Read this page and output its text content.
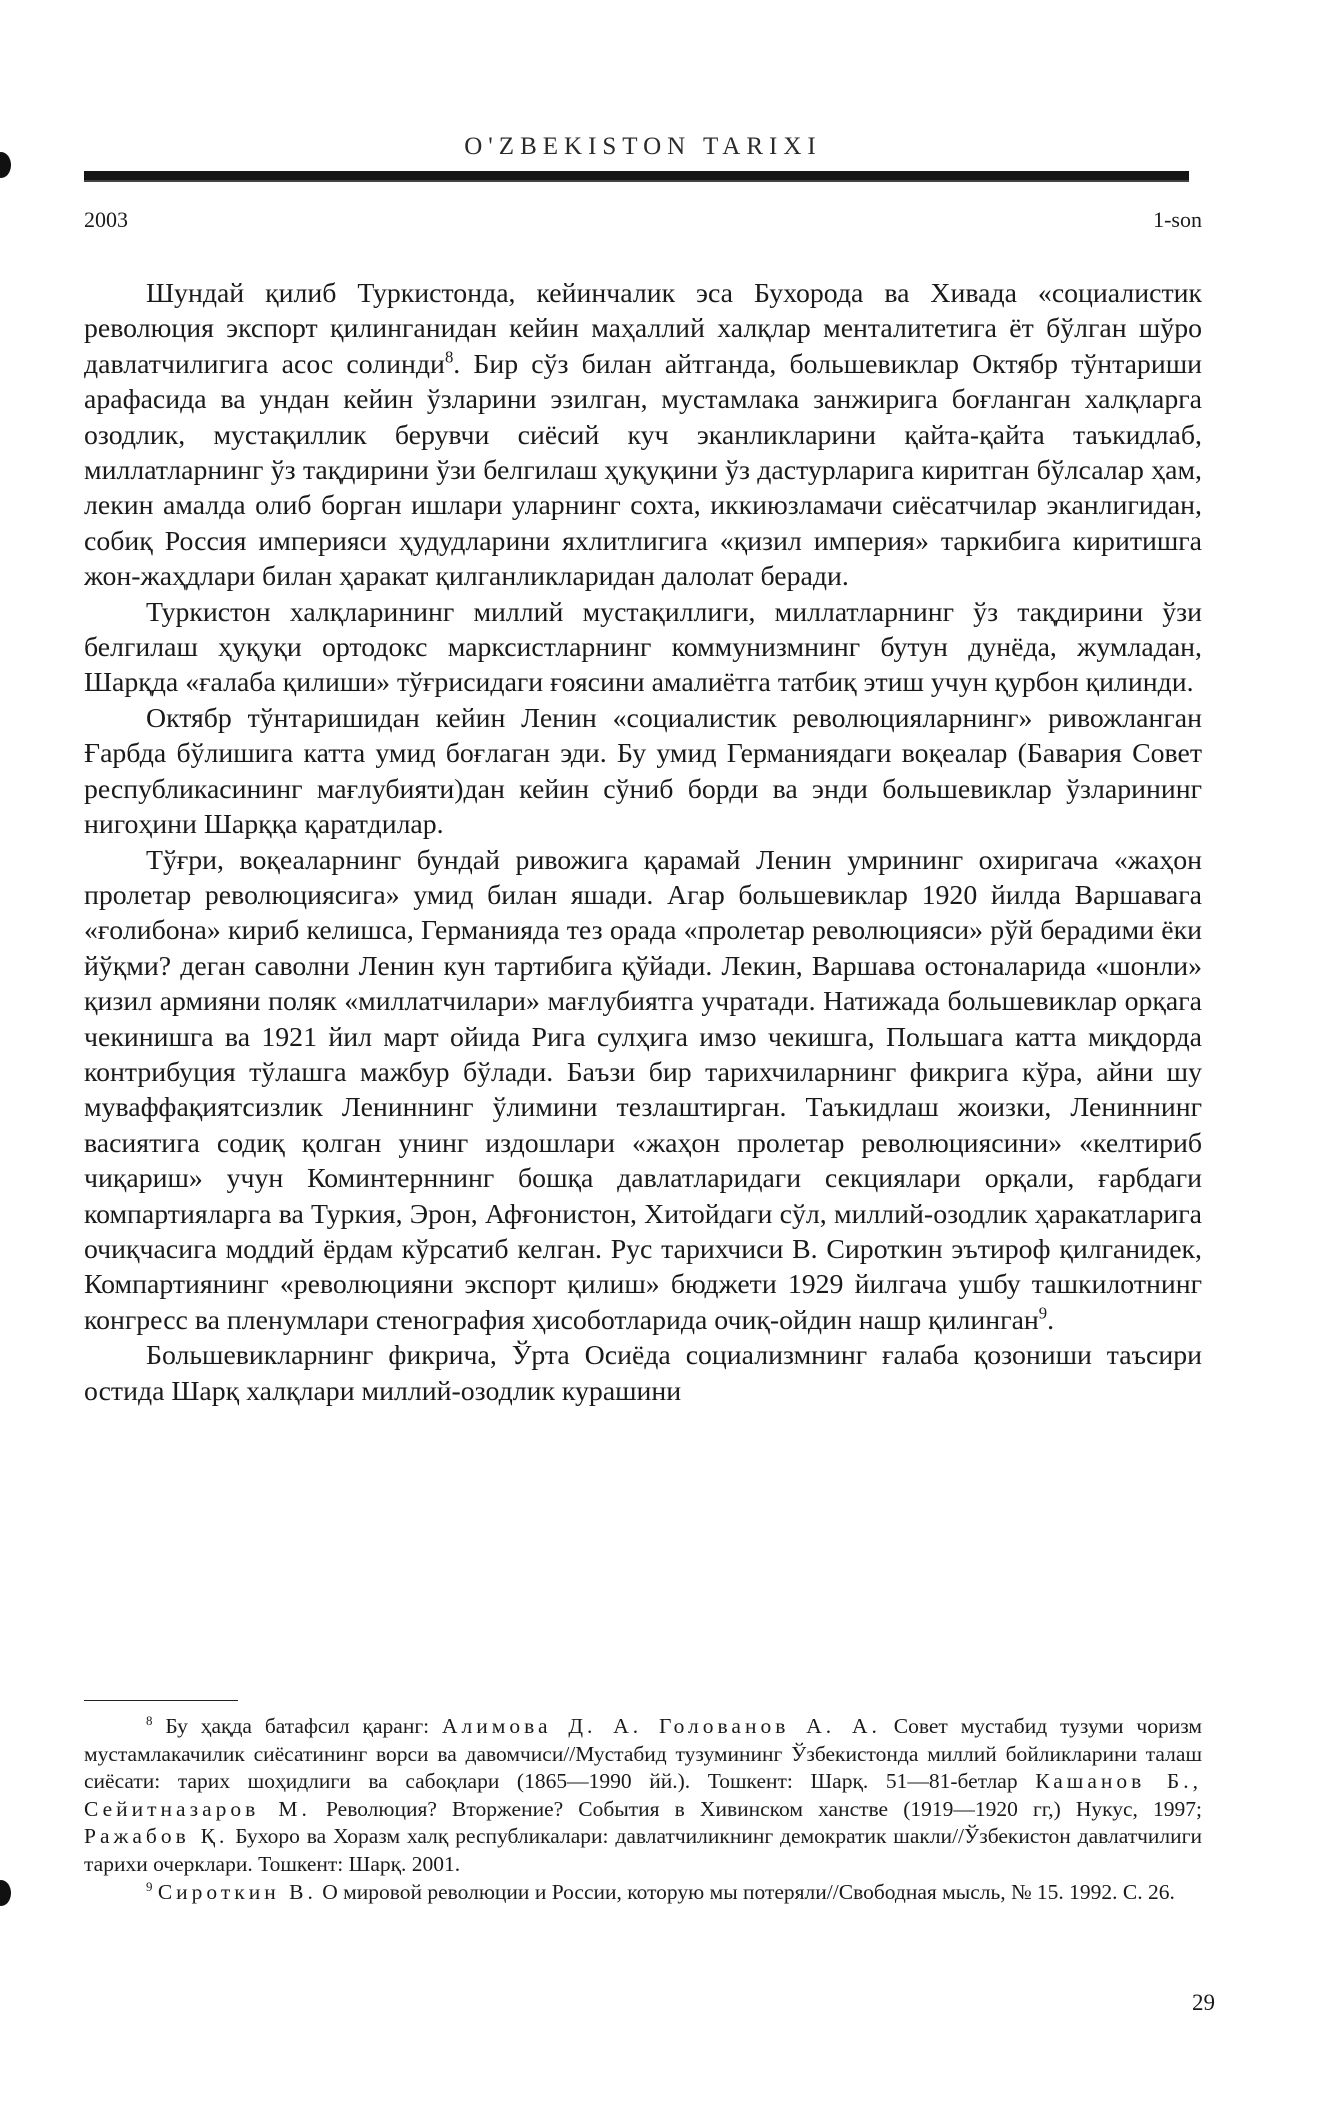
O'ZBEKISTON TARIXI
2003	1-son

Шундай қилиб Туркистонда, кейинчалик эса Бухорода ва Хивада «социалистик революция экспорт қилинганидан кейин маҳаллий халқлар менталитетига ёт бўлган шўро давлатчилигига асос солинди$^8$. Бир сўз билан айтганда, большевиклар Октябр тўнтариши арафасида ва ундан кейин ўзларини эзилган, мустамлака занжирига боғланган халқларга озодлик, мустақиллик берувчи сиёсий куч эканликларини қайта-қайта таъкидлаб, миллатларнинг ўз тақдирини ўзи белгилаш ҳуқуқини ўз дастурларига киритган бўлсалар ҳам, лекин амалда олиб борган ишлари уларнинг сохта, иккиюзламачи сиёсатчилар эканлигидан, собиқ Россия империяси ҳудудларини яхлитлигига «қизил империя» таркибига киритишга жон-жаҳдлари билан ҳаракат қилганликларидан далолат беради.

Туркистон халқларининг миллий мустақиллиги, миллатларнинг ўз тақдирини ўзи белгилаш ҳуқуқи ортодокс марксистларнинг коммунизмнинг бутун дунёда, жумладан, Шарқда «ғалаба қилиши» тўғрисидаги ғоясини амалиётга татбиқ этиш учун қурбон қилинди.

Октябр тўнтаришидан кейин Ленин «социалистик революцияларнинг» ривожланган Ғарбда бўлишига катта умид боғлаган эди. Бу умид Германиядаги воқеалар (Бавария Совет республикасининг мағлубияти)дан кейин сўниб борди ва энди большевиклар ўзларининг нигоҳини Шарққа қаратдилар.

Тўғри, воқеаларнинг бундай ривожига қарамай Ленин умрининг охиригача «жаҳон пролетар революциясига» умид билан яшади. Агар большевиклар 1920 йилда Варшавага «ғолибона» кириб келишса, Германияда тез орада «пролетар революцияси» рўй берадими ёки йўқми? деган саволни Ленин кун тартибига қўйади. Лекин, Варшава остоналарида «шонли» қизил армияни поляк «миллатчилари» мағлубиятга учратади. Натижада большевиклар орқага чекинишга ва 1921 йил март ойида Рига сулҳига имзо чекишга, Польшага катта миқдорда контрибуция тўлашга мажбур бўлади. Баъзи бир тарихчиларнинг фикрига кўра, айни шу муваффақиятсизлик Лениннинг ўлимини тезлаштирган. Таъкидлаш жоизки, Лениннинг васиятига содиқ қолган унинг издошлари «жаҳон пролетар революциясини» «келтириб чиқариш» учун Коминтерннинг бошқа давлатларидаги секциялари орқали, ғарбдаги компартияларга ва Туркия, Эрон, Афғонистон, Хитойдаги сўл, миллий-озодлик ҳаракатларига очиқчасига моддий ёрдам кўрсатиб келган. Рус тарихчиси В. Сироткин эътироф қилганидек, Компартиянинг «революцияни экспорт қилиш» бюджети 1929 йилгача ушбу ташкилотнинг конгресс ва пленумлари стенография ҳисоботларида очиқ-ойдин нашр қилинган$^9$.

Большевикларнинг фикрича, Ўрта Осиёда социализмнинг ғалаба қозониши таъсири остида Шарқ халқлари миллий-озодлик курашини

$^8$ Бу ҳақда батафсил қаранг: Алимова Д. А. Голованов А. А. Совет мустабид тузуми чоризм мустамлакачилик сиёсатининг ворси ва давомчиси//Мустабид тузумининг Ўзбекистонда миллий бойликларини талаш сиёсати: тарих шоҳидлиги ва сабоқлари (1865—1990 йй.). Тошкент: Шарқ. 51—81-бетлар Кашанов Б., Сейитназаров М. Революция? Вторжение? События в Хивинском ханстве (1919—1920 гг,) Нукус, 1997; Ражабов Қ. Бухоро ва Хоразм халқ республикалари: давлатчиликнинг демократик шакли//Ўзбекистон давлатчилиги тарихи очерклари. Тошкент: Шарқ. 2001.

$^9$ Сироткин В. О мировой революции и России, которую мы потеряли//Свободная мысль, № 15. 1992. С. 26.

29
